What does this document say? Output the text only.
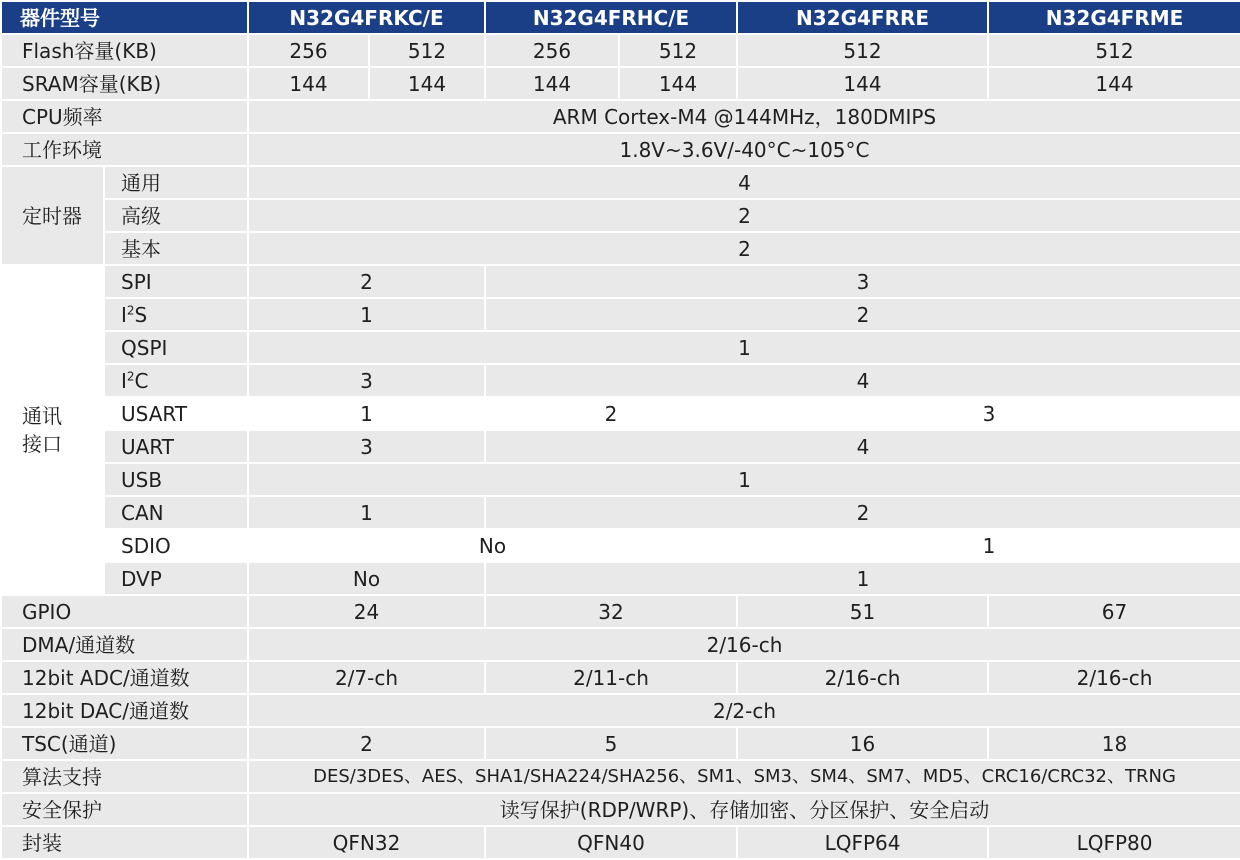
器件型号		N32G4FRKC/E		N32G4FRHC/E		N32G4FRRE	N32G4FRME
Flash容量(KB)		256	512	256	512	512	512
SRAM容量(KB)		144	144	144	144	144	144
CPU频率		ARM Cortex-M4 @144MHz，180DMIPS					
工作环境		1.8V~3.6V/-40°C~105°C					
定时器	通用	4					
	高级	2					
	基本	2					

通讯
接口	SPI	2		3			
	$I^2S$	1		2			
	QSPI	1					
	$I^2C$	3		4			
	USART	1		2		3	
	UART	3		4			
	USB	1					
	CAN	1		2			
	SDIO	No				1	
	DVP	No		1			
GPIO		24		32		51	67
DMA/通道数		2/16-ch					
12bit ADC/通道数		2/7-ch		2/11-ch		2/16-ch	2/16-ch
12bit DAC/通道数		2/2-ch					
TSC(通道)		2		5		16	18
算法支持		DES/3DES、AES、SHA1/SHA224/SHA256、SM1、SM3、SM4、SM7、MD5、CRC16/CRC32、TRNG					
安全保护		读写保护(RDP/WRP)、存储加密、分区保护、安全启动					
封装		QFN32		QFN40		LQFP64	LQFP80
